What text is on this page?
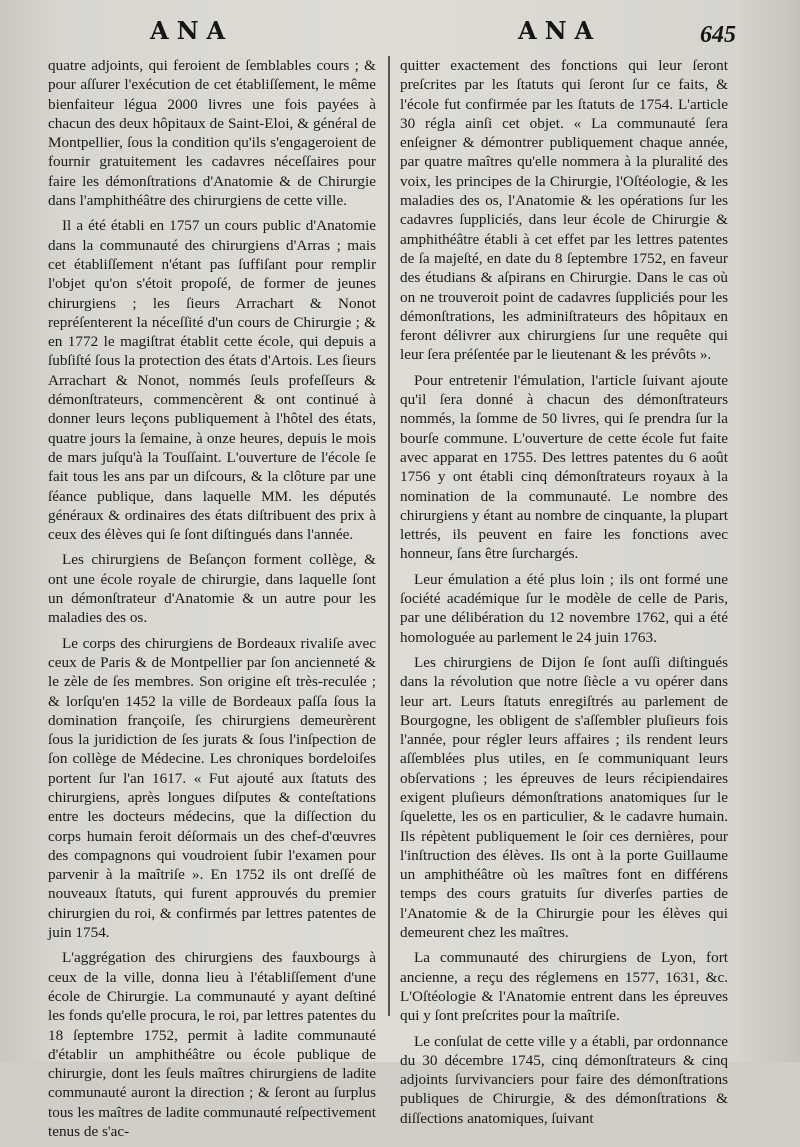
ANA	ANA	645

quatre adjoints, qui feroient de ſemblables cours ; & pour aſſurer l'exécution de cet établiſſement, le même bienfaiteur légua 2000 livres une fois payées à chacun des deux hôpitaux de Saint-Eloi, & général de Montpellier, ſous la condition qu'ils s'engageroient de fournir gratuitement les cadavres néceſſaires pour faire les démonſtrations d'Anatomie & de Chirurgie dans l'amphithéâtre des chirurgiens de cette ville.

Il a été établi en 1757 un cours public d'Anatomie dans la communauté des chirurgiens d'Arras ; mais cet établiſſement n'étant pas ſuffiſant pour remplir l'objet qu'on s'étoit propoſé, de former de jeunes chirurgiens ; les ſieurs Arrachart & Nonot repréſenterent la néceſſité d'un cours de Chirurgie ; & en 1772 le magiſtrat établit cette école, qui depuis a ſubſiſté ſous la protection des états d'Artois. Les ſieurs Arrachart & Nonot, nommés ſeuls profeſſeurs & démonſtrateurs, commencèrent & ont continué à donner leurs leçons publiquement à l'hôtel des états, quatre jours la ſemaine, à onze heures, depuis le mois de mars juſqu'à la Touſſaint. L'ouverture de l'école ſe fait tous les ans par un diſcours, & la clôture par une ſéance publique, dans laquelle MM. les députés généraux & ordinaires des états diſtribuent des prix à ceux des élèves qui ſe ſont diſtingués dans l'année.

Les chirurgiens de Beſançon forment collège, & ont une école royale de chirurgie, dans laquelle ſont un démonſtrateur d'Anatomie & un autre pour les maladies des os.

Le corps des chirurgiens de Bordeaux rivaliſe avec ceux de Paris & de Montpellier par ſon ancienneté & le zèle de ſes membres. Son origine eſt très-reculée ; & lorſqu'en 1452 la ville de Bordeaux paſſa ſous la domination françoiſe, ſes chirurgiens demeurèrent ſous la juridiction de ſes jurats & ſous l'inſpection de ſon collège de Médecine. Les chroniques bordeloiſes portent ſur l'an 1617. « Fut ajouté aux ſtatuts des chirurgiens, après longues diſputes & conteſtations entre les docteurs médecins, que la diſſection du corps humain feroit déſormais un des chef-d'œuvres des compagnons qui voudroient ſubir l'examen pour parvenir à la maîtriſe ». En 1752 ils ont dreſſé de nouveaux ſtatuts, qui furent approuvés du premier chirurgien du roi, & confirmés par lettres patentes de juin 1754.

L'aggrégation des chirurgiens des fauxbourgs à ceux de la ville, donna lieu à l'établiſſement d'une école de Chirurgie. La communauté y ayant deſtiné les fonds qu'elle procura, le roi, par lettres patentes du 18 ſeptembre 1752, permit à ladite communauté d'établir un amphithéâtre ou école publique de chirurgie, dont les ſeuls maîtres chirurgiens de ladite communauté auront la direction ; & ſeront au ſurplus tous les maîtres de ladite communauté reſpectivement tenus de s'ac-

quitter exactement des fonctions qui leur ſeront preſcrites par les ſtatuts qui ſeront ſur ce faits, & l'école fut confirmée par les ſtatuts de 1754. L'article 30 régla ainſi cet objet. « La communauté ſera enſeigner & démontrer publiquement chaque année, par quatre maîtres qu'elle nommera à la pluralité des voix, les principes de la Chirurgie, l'Oſtéologie, & les maladies des os, l'Anatomie & les opérations ſur les cadavres ſuppliciés, dans leur école de Chirurgie & amphithéâtre établi à cet effet par les lettres patentes de ſa majeſté, en date du 8 ſeptembre 1752, en faveur des étudians & aſpirans en Chirurgie. Dans le cas où on ne trouveroit point de cadavres ſuppliciés pour les démonſtrations, les adminiſtrateurs des hôpitaux en feront délivrer aux chirurgiens ſur une requête qui leur ſera préſentée par le lieutenant & les prévôts ».

Pour entretenir l'émulation, l'article ſuivant ajoute qu'il ſera donné à chacun des démonſtrateurs nommés, la ſomme de 50 livres, qui ſe prendra ſur la bourſe commune. L'ouverture de cette école fut faite avec apparat en 1755. Des lettres patentes du 6 août 1756 y ont établi cinq démonſtrateurs royaux à la nomination de la communauté. Le nombre des chirurgiens y étant au nombre de cinquante, la plupart lettrés, ils peuvent en faire les fonctions avec honneur, ſans être ſurchargés.

Leur émulation a été plus loin ; ils ont formé une ſociété académique ſur le modèle de celle de Paris, par une délibération du 12 novembre 1762, qui a été homologuée au parlement le 24 juin 1763.

Les chirurgiens de Dijon ſe ſont auſſi diſtingués dans la révolution que notre ſiècle a vu opérer dans leur art. Leurs ſtatuts enregiſtrés au parlement de Bourgogne, les obligent de s'aſſembler pluſieurs fois l'année, pour régler leurs affaires ; ils rendent leurs aſſemblées plus utiles, en ſe communiquant leurs obſervations ; les épreuves de leurs récipiendaires exigent pluſieurs démonſtrations anatomiques ſur le ſquelette, les os en particulier, & le cadavre humain. Ils répètent publiquement le ſoir ces dernières, pour l'inſtruction des élèves. Ils ont à la porte Guillaume un amphithéâtre où les maîtres font en différens temps des cours gratuits ſur diverſes parties de l'Anatomie & de la Chirurgie pour les élèves qui demeurent chez les maîtres.

La communauté des chirurgiens de Lyon, fort ancienne, a reçu des réglemens en 1577, 1631, &c. L'Oſtéologie & l'Anatomie entrent dans les épreuves qui y ſont preſcrites pour la maîtriſe.

Le conſulat de cette ville y a établi, par ordonnance du 30 décembre 1745, cinq démonſtrateurs & cinq adjoints ſurvivanciers pour faire des démonſtrations publiques de Chirurgie, & des démonſtrations & diſſections anatomiques, ſuivant
